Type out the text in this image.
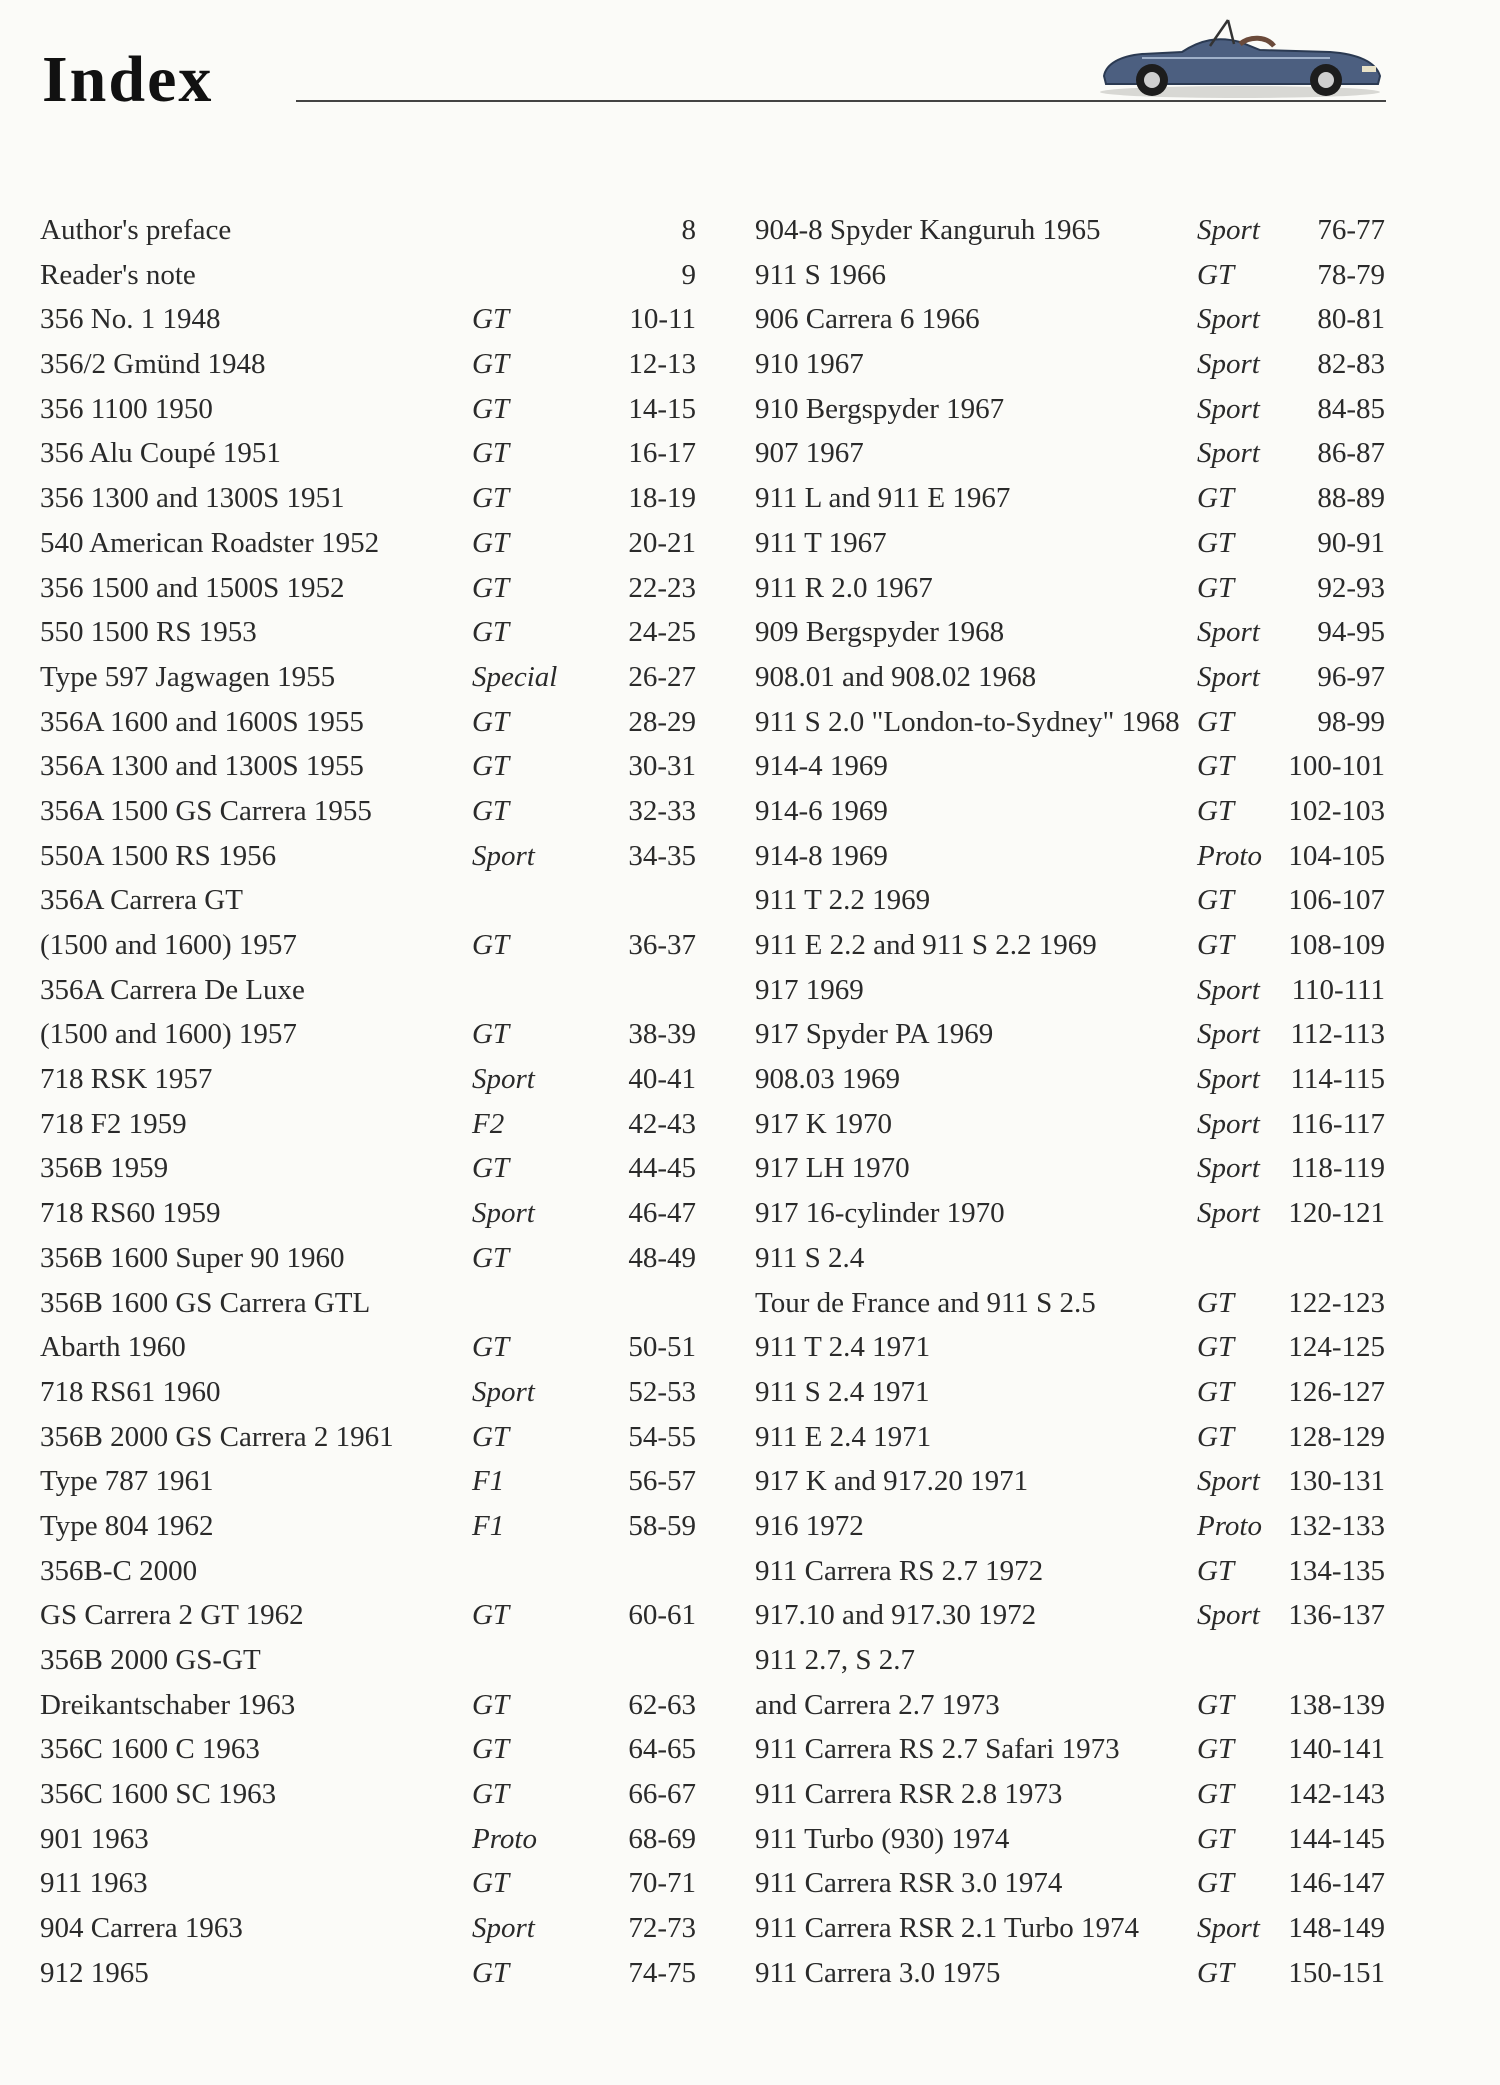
Index
Author's preface	8
Reader's note	9
356 No. 1 1948	GT	10-11
356/2 Gmünd 1948	GT	12-13
356 1100 1950	GT	14-15
356 Alu Coupé 1951	GT	16-17
356 1300 and 1300S 1951	GT	18-19
540 American Roadster 1952	GT	20-21
356 1500 and 1500S 1952	GT	22-23
550 1500 RS 1953	GT	24-25
Type 597 Jagwagen 1955	Special	26-27
356A 1600 and 1600S 1955	GT	28-29
356A 1300 and 1300S 1955	GT	30-31
356A 1500 GS Carrera 1955	GT	32-33
550A 1500 RS 1956	Sport	34-35
356A Carrera GT
(1500 and 1600) 1957	GT	36-37
356A Carrera De Luxe
(1500 and 1600) 1957	GT	38-39
718 RSK 1957	Sport	40-41
718 F2 1959	F2	42-43
356B 1959	GT	44-45
718 RS60 1959	Sport	46-47
356B 1600 Super 90 1960	GT	48-49
356B 1600 GS Carrera GTL
Abarth 1960	GT	50-51
718 RS61 1960	Sport	52-53
356B 2000 GS Carrera 2 1961	GT	54-55
Type 787 1961	F1	56-57
Type 804 1962	F1	58-59
356B-C 2000
GS Carrera 2 GT 1962	GT	60-61
356B 2000 GS-GT
Dreikantschaber 1963	GT	62-63
356C 1600 C 1963	GT	64-65
356C 1600 SC 1963	GT	66-67
901 1963	Proto	68-69
911 1963	GT	70-71
904 Carrera 1963	Sport	72-73
912 1965	GT	74-75
904-8 Spyder Kanguruh 1965	Sport	76-77
911 S 1966	GT	78-79
906 Carrera 6 1966	Sport	80-81
910 1967	Sport	82-83
910 Bergspyder 1967	Sport	84-85
907 1967	Sport	86-87
911 L and 911 E 1967	GT	88-89
911 T 1967	GT	90-91
911 R 2.0 1967	GT	92-93
909 Bergspyder 1968	Sport	94-95
908.01 and 908.02 1968	Sport	96-97
911 S 2.0 "London-to-Sydney" 1968 GT	98-99
914-4 1969	GT	100-101
914-6 1969	GT	102-103
914-8 1969	Proto 104-105
911 T 2.2 1969	GT	106-107
911 E 2.2 and 911 S 2.2 1969	GT	108-109
917 1969	Sport	110-111
917 Spyder PA 1969	Sport	112-113
908.03 1969	Sport	114-115
917 K 1970	Sport	116-117
917 LH 1970	Sport	118-119
917 16-cylinder 1970	Sport 120-121
911 S 2.4
Tour de France and 911 S 2.5	GT	122-123
911 T 2.4 1971	GT	124-125
911 S 2.4 1971	GT	126-127
911 E 2.4 1971	GT	128-129
917 K and 917.20 1971	Sport 130-131
916 1972	Proto 132-133
911 Carrera RS 2.7 1972	GT	134-135
917.10 and 917.30 1972	Sport 136-137
911 2.7, S 2.7
and Carrera 2.7 1973	GT	138-139
911 Carrera RS 2.7 Safari 1973	GT	140-141
911 Carrera RSR 2.8 1973	GT	142-143
911 Turbo (930) 1974	GT	144-145
911 Carrera RSR 3.0 1974	GT	146-147
911 Carrera RSR 2.1 Turbo 1974 Sport 148-149
911 Carrera 3.0 1975	GT	150-151
